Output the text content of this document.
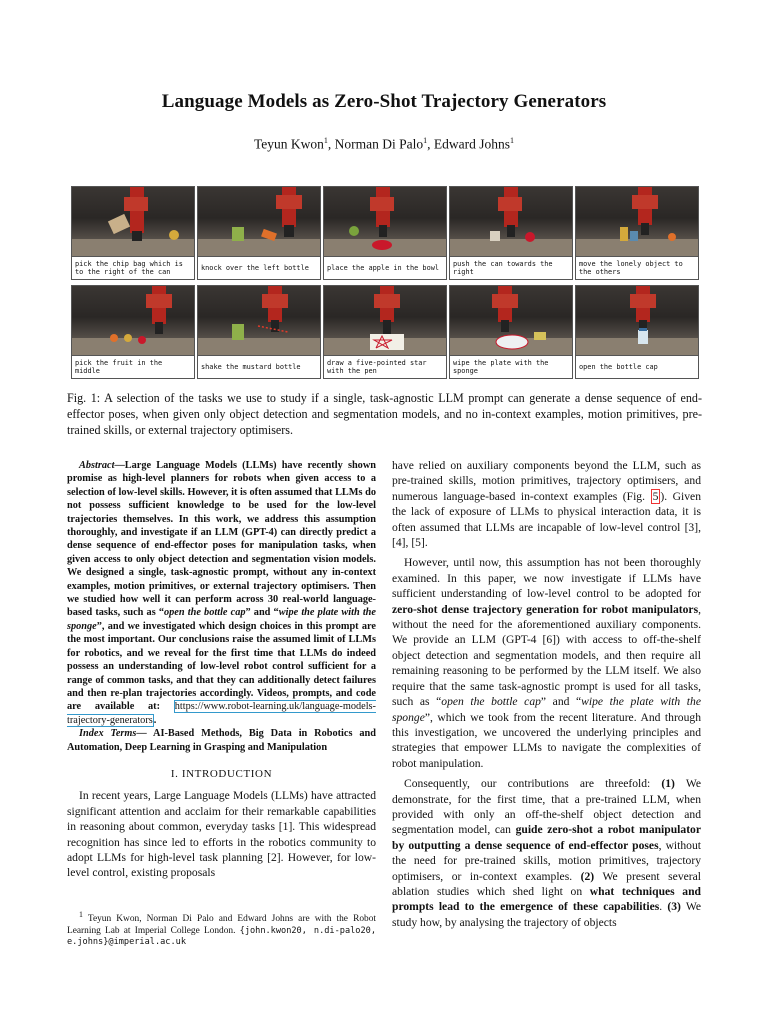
Language Models as Zero-Shot Trajectory Generators
Teyun Kwon$^1$, Norman Di Palo$^1$, Edward Johns$^1$
pick the chip bag which is to the right of the can
knock over the left bottle	place the apple in the bowl
push the can towards the right
move the lonely object to the others
pick the fruit in the middle
shake the mustard bottle
draw a five-pointed star with the pen
wipe the plate with the sponge
open the bottle cap
Fig. 1: A selection of the tasks we use to study if a single, task-agnostic LLM prompt can generate a dense sequence of end-effector poses, when given only object detection and segmentation models, and no in-context examples, motion primitives, pre-trained skills, or external trajectory optimisers.
Abstract—Large Language Models (LLMs) have recently shown promise as high-level planners for robots when given access to a selection of low-level skills. However, it is often assumed that LLMs do not possess sufficient knowledge to be used for the low-level trajectories themselves. In this work, we address this assumption thoroughly, and investigate if an LLM (GPT-4) can directly predict a dense sequence of end-effector poses for manipulation tasks, when given access to only object detection and segmentation vision models. We designed a single, task-agnostic prompt, without any in-context examples, motion primitives, or external trajectory optimisers. Then we studied how well it can perform across 30 real-world language-based tasks, such as “open the bottle cap” and “wipe the plate with the sponge”, and we investigated which design choices in this prompt are the most important. Our conclusions raise the assumed limit of LLMs for robotics, and we reveal for the first time that LLMs do indeed possess an understanding of low-level robot control sufficient for a range of common tasks, and that they can additionally detect failures and then re-plan trajectories accordingly. Videos, prompts, and code are available at: https://www.robot-learning.uk/language-models-trajectory-generators.
Index Terms— AI-Based Methods, Big Data in Robotics and Automation, Deep Learning in Grasping and Manipulation
I. INTRODUCTION
In recent years, Large Language Models (LLMs) have attracted significant attention and acclaim for their remarkable capabilities in reasoning about common, everyday tasks [1]. This widespread recognition has since led to efforts in the robotics community to adopt LLMs for high-level task planning [2]. However, for low-level control, existing proposals
$^1$ Teyun Kwon, Norman Di Palo and Edward Johns are with the Robot Learning Lab at Imperial College London. {john.kwon20, n.di-palo20, e.johns}@imperial.ac.uk
have relied on auxiliary components beyond the LLM, such as pre-trained skills, motion primitives, trajectory optimisers, and numerous language-based in-context examples (Fig. 5 ). Given the lack of exposure of LLMs to physical interaction data, it is often assumed that LLMs are incapable of low-level control [3], [4], [5].
However, until now, this assumption has not been thoroughly examined. In this paper, we now investigate if LLMs have sufficient understanding of low-level control to be adopted for zero-shot dense trajectory generation for robot manipulators, without the need for the aforementioned auxiliary components. We provide an LLM (GPT-4 [6]) with access to off-the-shelf object detection and segmentation models, and then require all remaining reasoning to be performed by the LLM itself. We also require that the same task-agnostic prompt is used for all tasks, such as “open the bottle cap” and “wipe the plate with the sponge”, which we took from the recent literature. And through this investigation, we uncovered the underlying principles and strategies that empower LLMs to navigate the complexities of robot manipulation.
Consequently, our contributions are threefold: (1) We demonstrate, for the first time, that a pre-trained LLM, when provided with only an off-the-shelf object detection and segmentation model, can guide zero-shot a robot manipulator by outputting a dense sequence of end-effector poses, without the need for pre-trained skills, motion primitives, trajectory optimisers, or in-context examples. (2) We present several ablation studies which shed light on what techniques and prompts lead to the emergence of these capabilities. (3) We study how, by analysing the trajectory of objects
